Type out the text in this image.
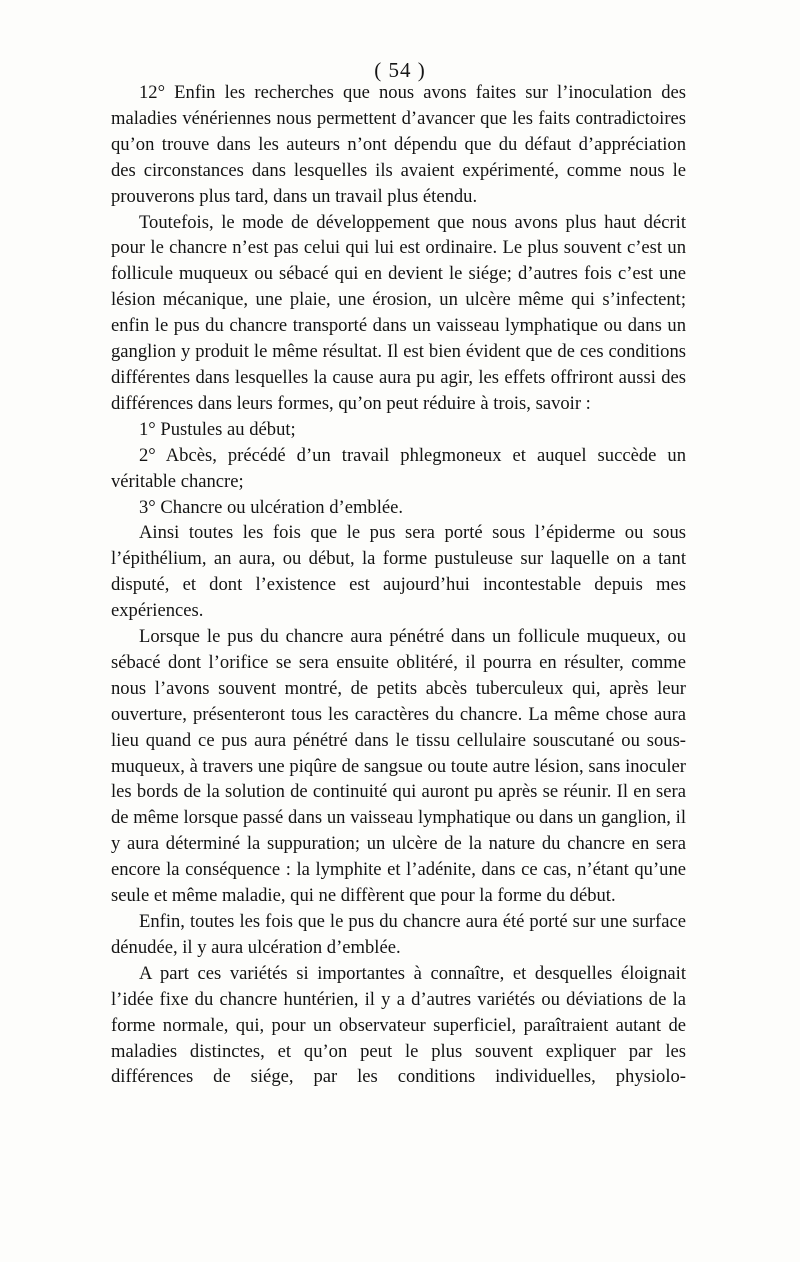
( 54 )

12° Enfin les recherches que nous avons faites sur l’inoculation des maladies vénériennes nous permettent d’avancer que les faits contradictoires qu’on trouve dans les auteurs n’ont dépendu que du défaut d’appréciation des circonstances dans lesquelles ils avaient expérimenté, comme nous le prouverons plus tard, dans un travail plus étendu.

Toutefois, le mode de développement que nous avons plus haut décrit pour le chancre n’est pas celui qui lui est ordinaire. Le plus souvent c’est un follicule muqueux ou sébacé qui en devient le siége; d’autres fois c’est une lésion mécanique, une plaie, une érosion, un ulcère même qui s’infectent; enfin le pus du chancre transporté dans un vaisseau lymphatique ou dans un ganglion y produit le même résultat. Il est bien évident que de ces conditions différentes dans lesquelles la cause aura pu agir, les effets offriront aussi des différences dans leurs formes, qu’on peut réduire à trois, savoir :

1° Pustules au début;

2° Abcès, précédé d’un travail phlegmoneux et auquel succède un véritable chancre;

3° Chancre ou ulcération d’emblée.

Ainsi toutes les fois que le pus sera porté sous l’épiderme ou sous l’épithélium, an aura, ou début, la forme pustuleuse sur laquelle on a tant disputé, et dont l’existence est aujourd’hui incontestable depuis mes expériences.

Lorsque le pus du chancre aura pénétré dans un follicule muqueux, ou sébacé dont l’orifice se sera ensuite oblitéré, il pourra en résulter, comme nous l’avons souvent montré, de petits abcès tuberculeux qui, après leur ouverture, présenteront tous les caractères du chancre. La même chose aura lieu quand ce pus aura pénétré dans le tissu cellulaire souscutané ou sous-muqueux, à travers une piqûre de sangsue ou toute autre lésion, sans inoculer les bords de la solution de continuité qui auront pu après se réunir. Il en sera de même lorsque passé dans un vaisseau lymphatique ou dans un ganglion, il y aura déterminé la suppuration; un ulcère de la nature du chancre en sera encore la conséquence : la lymphite et l’adénite, dans ce cas, n’étant qu’une seule et même maladie, qui ne diffèrent que pour la forme du début.

Enfin, toutes les fois que le pus du chancre aura été porté sur une surface dénudée, il y aura ulcération d’emblée.

A part ces variétés si importantes à connaître, et desquelles éloignait l’idée fixe du chancre huntérien, il y a d’autres variétés ou déviations de la forme normale, qui, pour un observateur superficiel, paraîtraient autant de maladies distinctes, et qu’on peut le plus souvent expliquer par les différences de siége, par les conditions individuelles, physiolo-
